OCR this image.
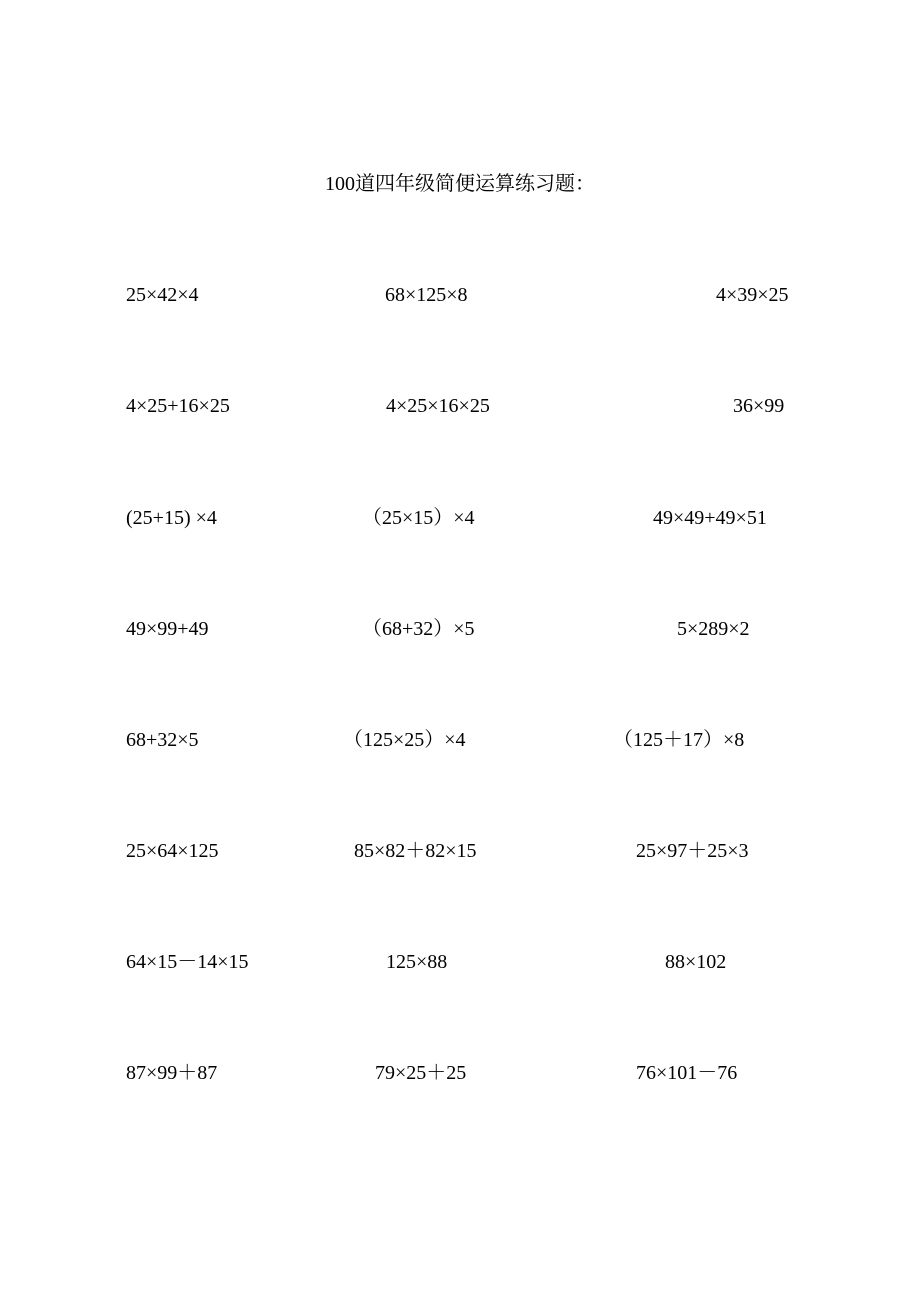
100道四年级简便运算练习题：
25×42×4	68×125×8	4×39×25
4×25+16×25	4×25×16×25	36×99
(25+15) ×4	（25×15）×4	49×49+49×51
49×99+49	（68+32）×5	5×289×2
68+32×5	（125×25）×4	（125＋17）×8
25×64×125	85×82＋82×15	25×97＋25×3
64×15－14×15	125×88	88×102
87×99＋87	79×25＋25	76×101－76
